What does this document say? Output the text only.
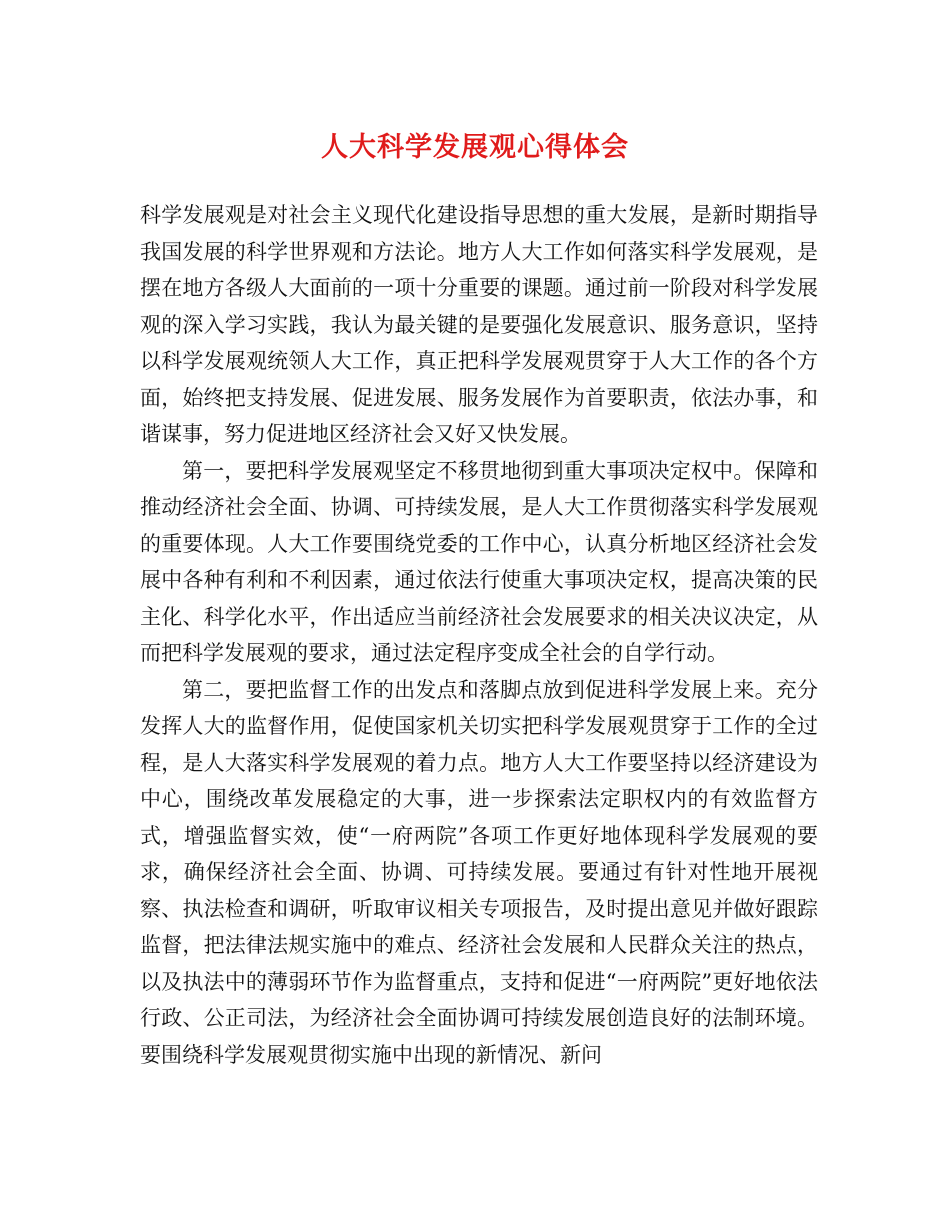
人大科学发展观心得体会

科学发展观是对社会主义现代化建设指导思想的重大发展，是新时期指导我国发展的科学世界观和方法论。地方人大工作如何落实科学发展观，是摆在地方各级人大面前的一项十分重要的课题。通过前一阶段对科学发展观的深入学习实践，我认为最关键的是要强化发展意识、服务意识，坚持以科学发展观统领人大工作，真正把科学发展观贯穿于人大工作的各个方面，始终把支持发展、促进发展、服务发展作为首要职责，依法办事，和谐谋事，努力促进地区经济社会又好又快发展。

第一，要把科学发展观坚定不移贯地彻到重大事项决定权中。保障和推动经济社会全面、协调、可持续发展，是人大工作贯彻落实科学发展观的重要体现。人大工作要围绕党委的工作中心，认真分析地区经济社会发展中各种有利和不利因素，通过依法行使重大事项决定权，提高决策的民主化、科学化水平，作出适应当前经济社会发展要求的相关决议决定，从而把科学发展观的要求，通过法定程序变成全社会的自学行动。

第二，要把监督工作的出发点和落脚点放到促进科学发展上来。充分发挥人大的监督作用，促使国家机关切实把科学发展观贯穿于工作的全过程，是人大落实科学发展观的着力点。地方人大工作要坚持以经济建设为中心，围绕改革发展稳定的大事，进一步探索法定职权内的有效监督方式，增强监督实效，使“一府两院”各项工作更好地体现科学发展观的要求，确保经济社会全面、协调、可持续发展。要通过有针对性地开展视察、执法检查和调研，听取审议相关专项报告，及时提出意见并做好跟踪监督，把法律法规实施中的难点、经济社会发展和人民群众关注的热点，以及执法中的薄弱环节作为监督重点，支持和促进“一府两院”更好地依法行政、公正司法，为经济社会全面协调可持续发展创造良好的法制环境。要围绕科学发展观贯彻实施中出现的新情况、新问
